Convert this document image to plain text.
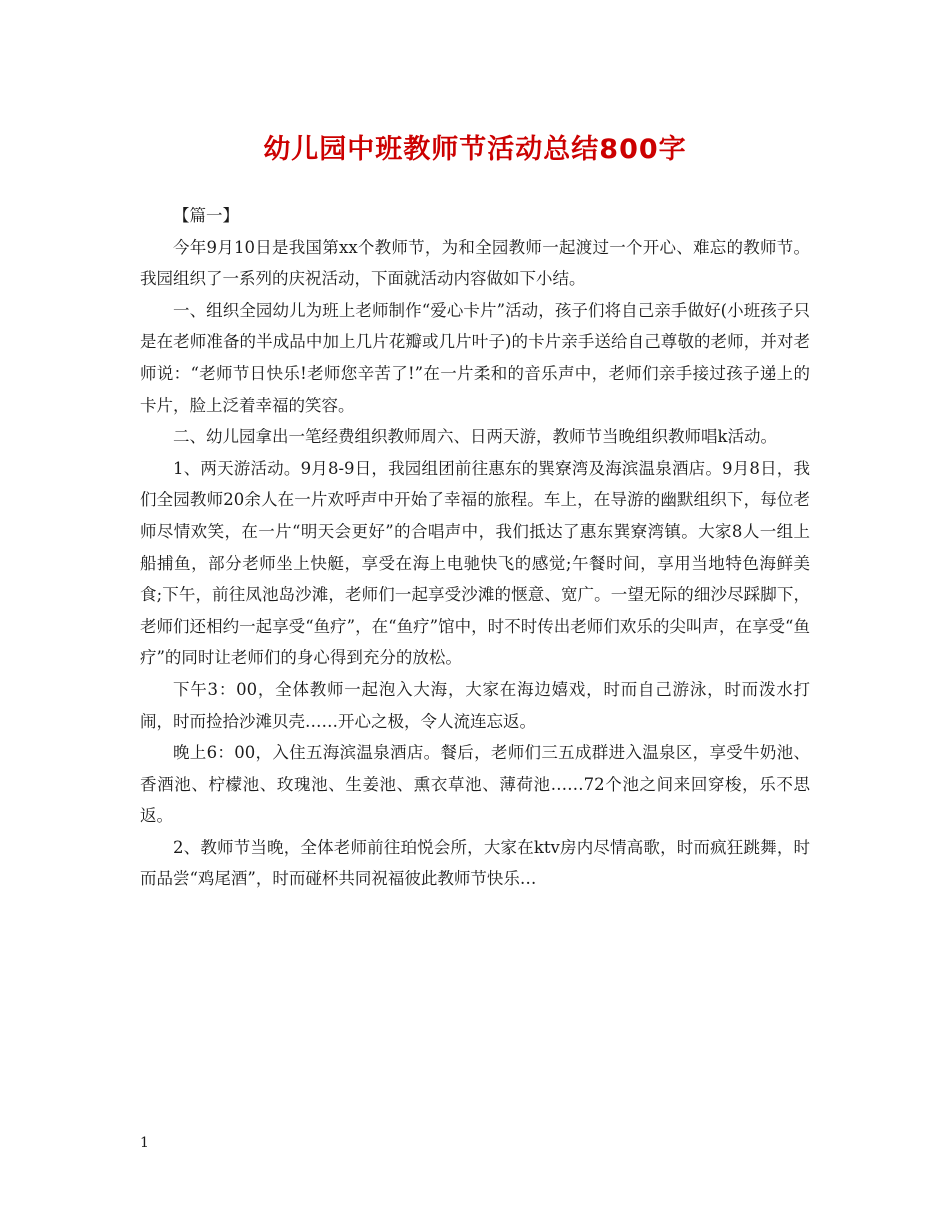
幼儿园中班教师节活动总结800字

【篇一】

今年9月10日是我国第xx个教师节，为和全园教师一起渡过一个开心、难忘的教师节。我园组织了一系列的庆祝活动，下面就活动内容做如下小结。

一、组织全园幼儿为班上老师制作“爱心卡片”活动，孩子们将自己亲手做好(小班孩子只是在老师准备的半成品中加上几片花瓣或几片叶子)的卡片亲手送给自己尊敬的老师，并对老师说：“老师节日快乐!老师您辛苦了!”在一片柔和的音乐声中，老师们亲手接过孩子递上的卡片，脸上泛着幸福的笑容。

二、幼儿园拿出一笔经费组织教师周六、日两天游，教师节当晚组织教师唱k活动。

1、两天游活动。9月8-9日，我园组团前往惠东的巽寮湾及海滨温泉酒店。9月8日，我们全园教师20余人在一片欢呼声中开始了幸福的旅程。车上，在导游的幽默组织下，每位老师尽情欢笑，在一片“明天会更好”的合唱声中，我们抵达了惠东巽寮湾镇。大家8人一组上船捕鱼，部分老师坐上快艇，享受在海上电驰快飞的感觉;午餐时间，享用当地特色海鲜美食;下午，前往凤池岛沙滩，老师们一起享受沙滩的惬意、宽广。一望无际的细沙尽踩脚下，老师们还相约一起享受“鱼疗”，在“鱼疗”馆中，时不时传出老师们欢乐的尖叫声，在享受“鱼疗”的同时让老师们的身心得到充分的放松。

下午3：00，全体教师一起泡入大海，大家在海边嬉戏，时而自己游泳，时而泼水打闹，时而捡拾沙滩贝壳……开心之极，令人流连忘返。

晚上6：00，入住五海滨温泉酒店。餐后，老师们三五成群进入温泉区，享受牛奶池、香酒池、柠檬池、玫瑰池、生姜池、熏衣草池、薄荷池……72个池之间来回穿梭，乐不思返。

2、教师节当晚，全体老师前往珀悦会所，大家在ktv房内尽情高歌，时而疯狂跳舞，时而品尝“鸡尾酒”，时而碰杯共同祝福彼此教师节快乐…

1
